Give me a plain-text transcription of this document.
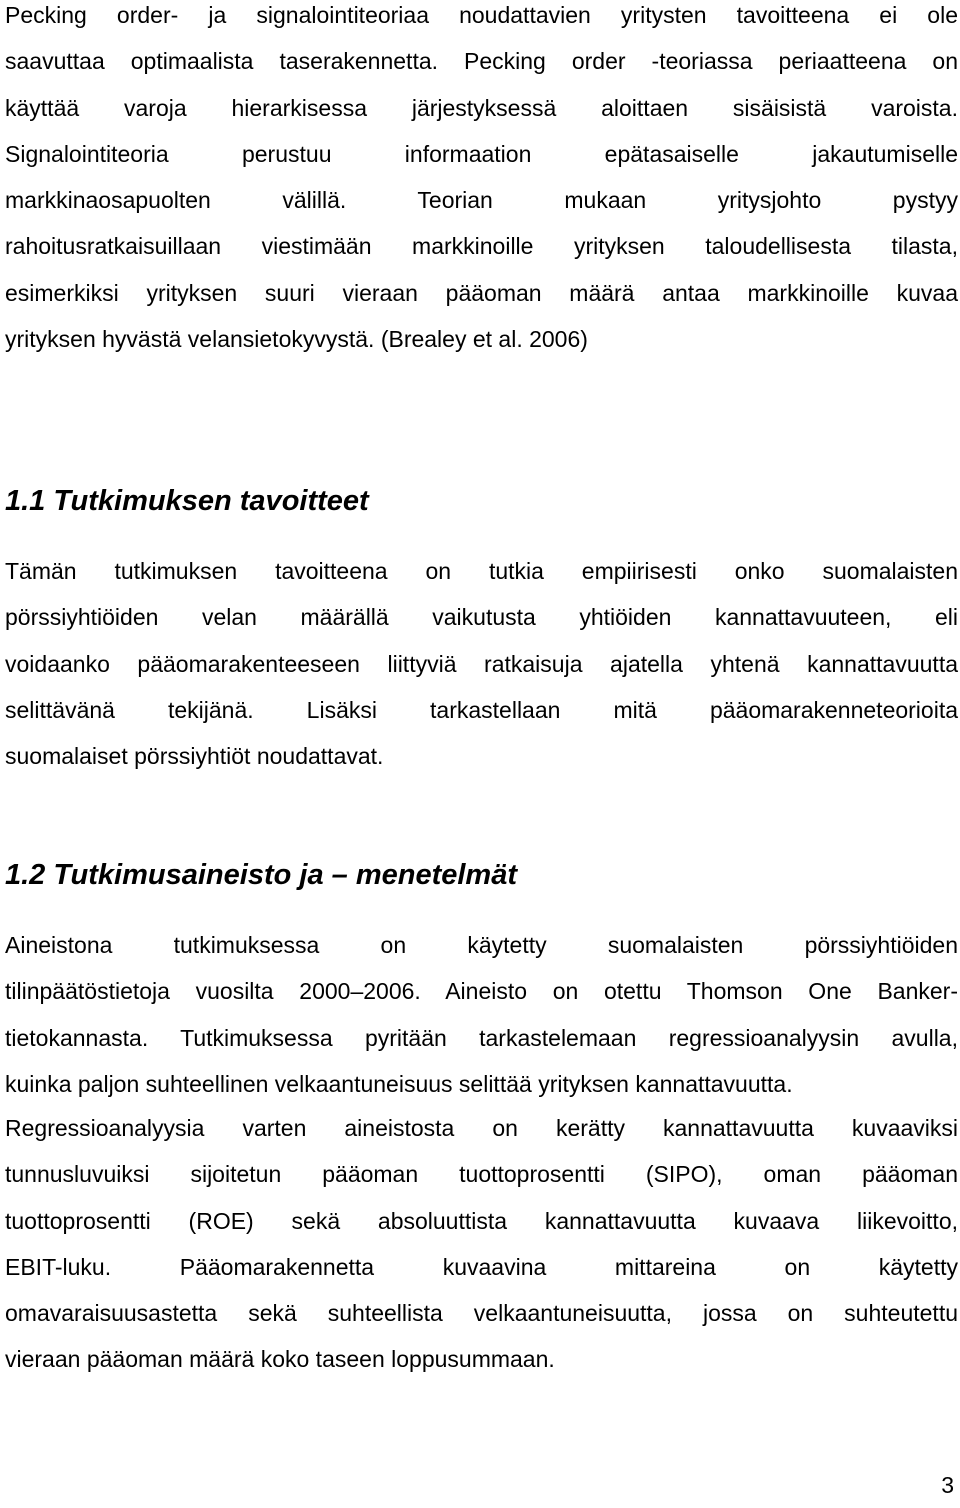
Pecking order- ja signalointiteoriaa noudattavien yritysten tavoitteena ei ole
saavuttaa optimaalista taserakennetta. Pecking order -teoriassa periaatteena on
käyttää varoja hierarkisessa järjestyksessä aloittaen sisäisistä varoista.
Signalointiteoria perustuu informaation epätasaiselle jakautumiselle
markkinaosapuolten välillä. Teorian mukaan yritysjohto pystyy
rahoitusratkaisuillaan viestimään markkinoille yrityksen taloudellisesta tilasta,
esimerkiksi yrityksen suuri vieraan pääoman määrä antaa markkinoille kuvaa
yrityksen hyvästä velansietokyvystä. (Brealey et al. 2006)
1.1 Tutkimuksen tavoitteet
Tämän tutkimuksen tavoitteena on tutkia empiirisesti onko suomalaisten
pörssiyhtiöiden velan määrällä vaikutusta yhtiöiden kannattavuuteen, eli
voidaanko pääomarakenteeseen liittyviä ratkaisuja ajatella yhtenä kannattavuutta
selittävänä tekijänä. Lisäksi tarkastellaan mitä pääomarakenneteorioita
suomalaiset pörssiyhtiöt noudattavat.
1.2 Tutkimusaineisto ja – menetelmät
Aineistona tutkimuksessa on käytetty suomalaisten pörssiyhtiöiden
tilinpäätöstietoja vuosilta 2000–2006. Aineisto on otettu Thomson One Banker-
tietokannasta. Tutkimuksessa pyritään tarkastelemaan regressioanalyysin avulla,
kuinka paljon suhteellinen velkaantuneisuus selittää yrityksen kannattavuutta.
Regressioanalyysia varten aineistosta on kerätty kannattavuutta kuvaaviksi
tunnusluvuiksi sijoitetun pääoman tuottoprosentti (SIPO), oman pääoman
tuottoprosentti (ROE) sekä absoluuttista kannattavuutta kuvaava liikevoitto,
EBIT-luku. Pääomarakennetta kuvaavina mittareina on käytetty
omavaraisuusastetta sekä suhteellista velkaantuneisuutta, jossa on suhteutettu
vieraan pääoman määrä koko taseen loppusummaan.
3
